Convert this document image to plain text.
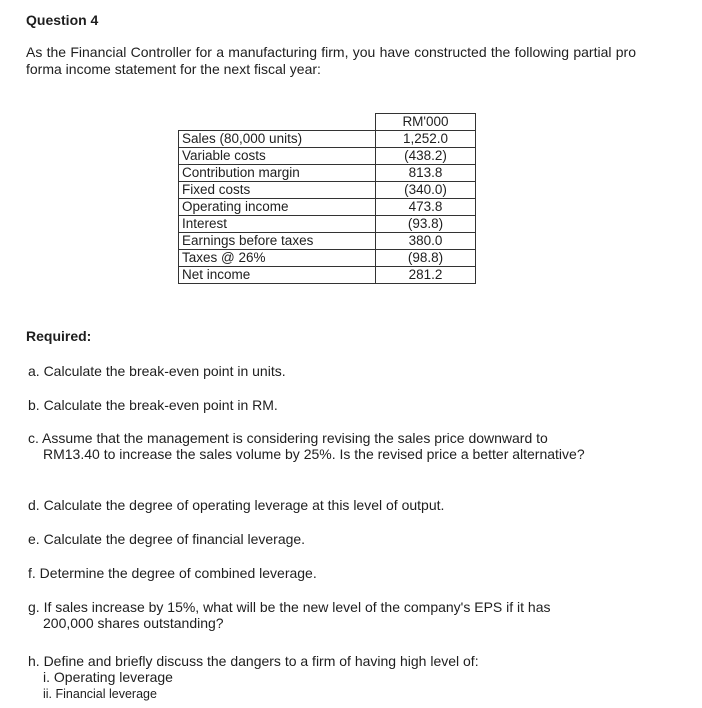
Question 4
As the Financial Controller for a manufacturing firm, you have constructed the following partial pro forma income statement for the next fiscal year:
	RM'000
Sales (80,000 units)	1,252.0
Variable costs	(438.2)
Contribution margin	813.8
Fixed costs	(340.0)
Operating income	473.8
Interest	(93.8)
Earnings before taxes	380.0
Taxes @ 26%	(98.8)
Net income	281.2
Required:
a. Calculate the break-even point in units.
b. Calculate the break-even point in RM.
c. Assume that the management is considering revising the sales price downward to
RM13.40 to increase the sales volume by 25%. Is the revised price a better alternative?
d. Calculate the degree of operating leverage at this level of output.
e. Calculate the degree of financial leverage.
f. Determine the degree of combined leverage.
g. If sales increase by 15%, what will be the new level of the company's EPS if it has
200,000 shares outstanding?
h. Define and briefly discuss the dangers to a firm of having high level of:
i. Operating leverage
ii. Financial leverage
